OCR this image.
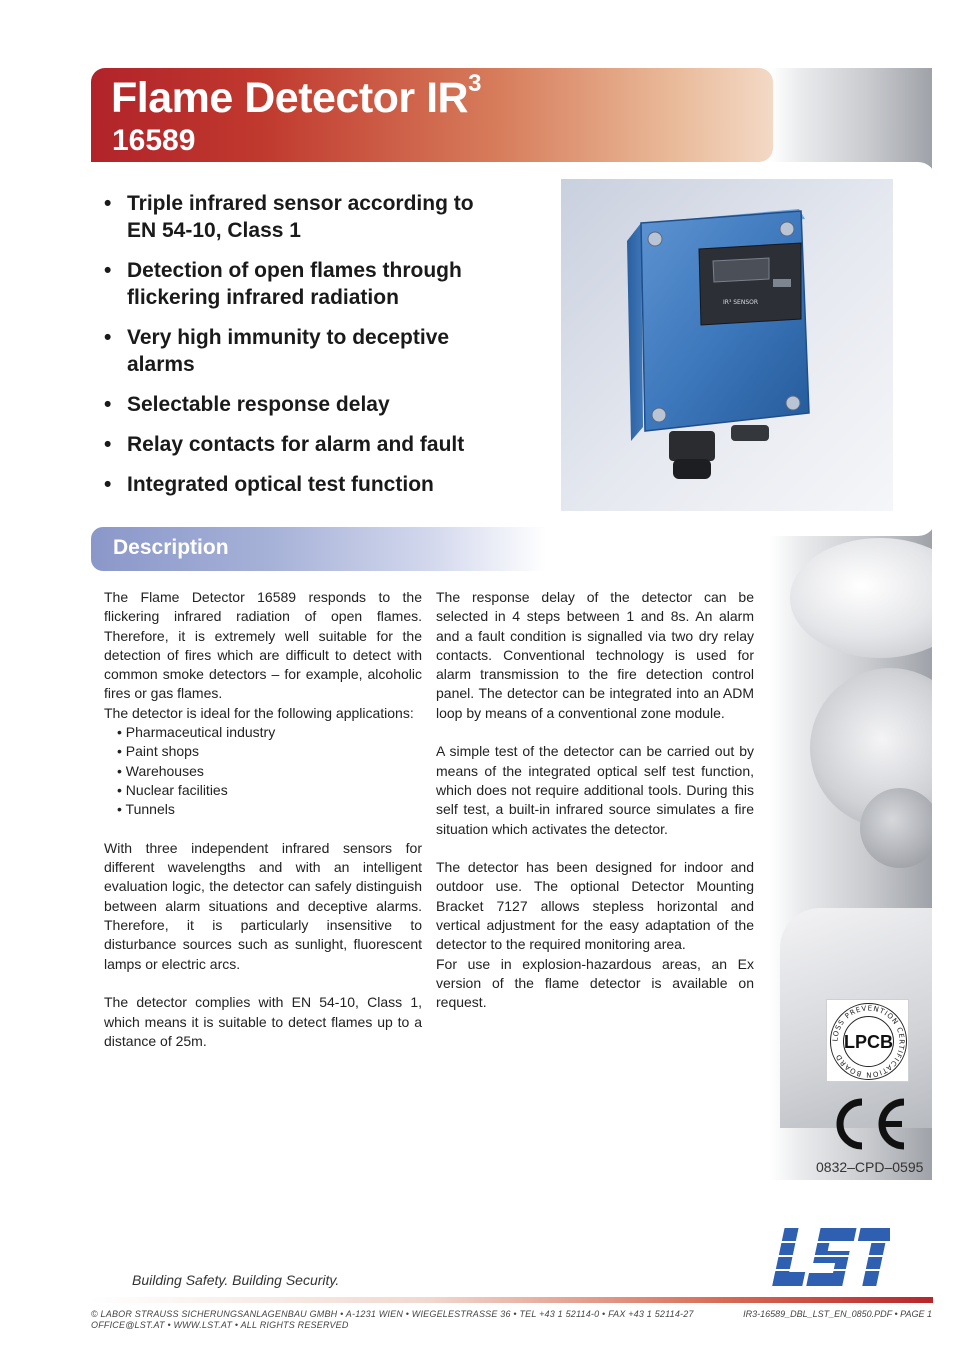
Flame Detector $IR^3$
16589
IR³ SENSOR
• Triple infrared sensor according to EN 54-10, Class 1
• Detection of open flames through flickering infrared radiation
• Very high immunity to deceptive alarms
• Selectable response delay
• Relay contacts for alarm and fault
• Integrated optical test function
Description

The Flame Detector 16589 responds to the flickering infrared radiation of open flames. Therefore, it is extremely well suitable for the detection of fires which are difficult to detect with common smoke detectors – for example, alcoholic fires or gas flames.

The detector is ideal for the following applications:

• Pharmaceutical industry
• Paint shops
• Warehouses
• Nuclear facilities
• Tunnels

With three independent infrared sensors for different wavelengths and with an intelligent evaluation logic, the detector can safely distinguish between alarm situations and deceptive alarms. Therefore, it is particularly insensitive to disturbance sources such as sunlight, fluorescent lamps or electric arcs.

The detector complies with EN 54-10, Class 1, which means it is suitable to detect flames up to a distance of 25m.

The response delay of the detector can be selected in 4 steps between 1 and 8s. An alarm and a fault condition is signalled via two dry relay contacts. Conventional technology is used for alarm transmission to the fire detection control panel. The detector can be integrated into an ADM loop by means of a conventional zone module.

A simple test of the detector can be carried out by means of the integrated optical self test function, which does not require additional tools. During this self test, a built-in infrared source simulates a fire situation which activates the detector.

The detector has been designed for indoor and outdoor use. The optional Detector Mounting Bracket 7127 allows stepless horizontal and vertical adjustment for the easy adaptation of the detector to the required monitoring area.

For use in explosion-hazardous areas, an Ex version of the flame detector is available on request.

LOSS PREVENTION CERTIFICATION BOARD
LPCB
0832–CPD–0595
Building Safety. Building Security.
© LABOR STRAUSS SICHERUNGSANLAGENBAU GMBH • A-1231 WIEN • WIEGELESTRASSE 36 • TEL +43 1 52114-0 • FAX +43 1 52114-27
OFFICE@LST.AT • WWW.LST.AT • ALL RIGHTS RESERVED
IR3-16589_DBL_LST_EN_0850.PDF • PAGE 1
